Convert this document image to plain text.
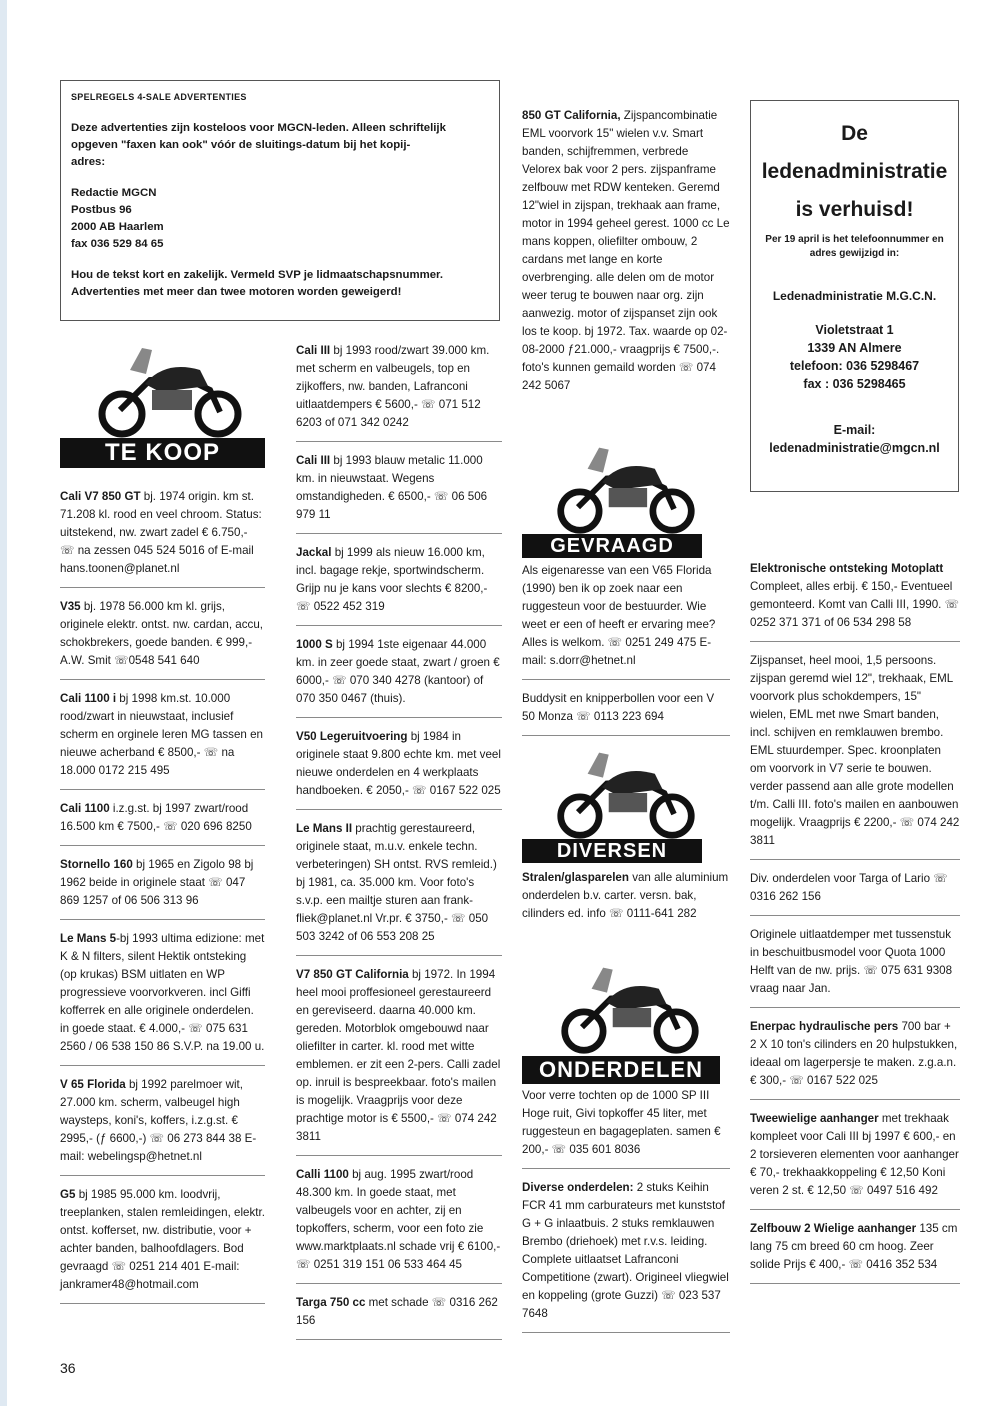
SPELREGELS 4-SALE ADVERTENTIES

Deze advertenties zijn kosteloos voor MGCN-leden. Alleen schriftelijk
opgeven "faxen kan ook" vóór de sluitings-datum bij het kopij-
adres:

Redactie MGCN
Postbus 96
2000 AB Haarlem
fax 036 529 84 65

Hou de tekst kort en zakelijk. Vermeld SVP je lidmaatschapsnummer.
Advertenties met meer dan twee motoren worden geweigerd!

De
ledenadministratie
is verhuisd!
Per 19 april is het telefoonnummer en adres gewijzigd in:
Ledenadministratie M.G.C.N.
Violetstraat 1
1339 AN Almere
telefoon: 036 5298467
fax : 036 5298465
E-mail:
ledenadministratie@mgcn.nl
TE KOOP
GEVRAAGD
DIVERSEN
ONDERDELEN
Cali V7 850 GT bj. 1974 origin. km st. 71.208 kl. rood en veel chroom. Status: uitstekend, nw. zwart zadel € 6.750,- ☏ na zessen 045 524 5016 of E-mail hans.toonen@planet.nl
V35 bj. 1978 56.000 km kl. grijs, originele elektr. ontst. nw. cardan, accu, schokbrekers, goede banden. € 999,- A.W. Smit ☏0548 541 640
Cali 1100 i bj 1998 km.st. 10.000 rood/zwart in nieuwstaat, inclusief scherm en orginele leren MG tassen en nieuwe acherband € 8500,- ☏ na 18.000 0172 215 495
Cali 1100 i.z.g.st. bj 1997 zwart/rood 16.500 km € 7500,- ☏ 020 696 8250
Stornello 160 bj 1965 en Zigolo 98 bj 1962 beide in originele staat ☏ 047 869 1257 of 06 506 313 96
Le Mans 5-bj 1993 ultima edizione: met K & N filters, silent Hektik ontsteking (op krukas) BSM uitlaten en WP progressieve voorvorkveren. incl Giffi kofferrek en alle originele onderdelen. in goede staat. € 4.000,- ☏ 075 631 2560 / 06 538 150 86 S.V.P. na 19.00 u.
V 65 Florida bj 1992 parelmoer wit, 27.000 km. scherm, valbeugel high waysteps, koni's, koffers, i.z.g.st. € 2995,- (ƒ 6600,-) ☏ 06 273 844 38 E-mail: webelingsp@hetnet.nl
G5 bj 1985 95.000 km. loodvrij, treeplanken, stalen remleidingen, elektr. ontst. kofferset, nw. distributie, voor + achter banden, balhoofdlagers. Bod gevraagd ☏ 0251 214 401 E-mail: jankramer48@hotmail.com
Cali III bj 1993 rood/zwart 39.000 km. met scherm en valbeugels, top en zijkoffers, nw. banden, Lafranconi uitlaatdempers € 5600,- ☏ 071 512 6203 of 071 342 0242
Cali III bj 1993 blauw metalic 11.000 km. in nieuwstaat. Wegens omstandigheden. € 6500,- ☏ 06 506 979 11
Jackal bj 1999 als nieuw 16.000 km, incl. bagage rekje, sportwindscherm. Grijp nu je kans voor slechts € 8200,- ☏ 0522 452 319
1000 S bj 1994 1ste eigenaar 44.000 km. in zeer goede staat, zwart / groen € 6000,- ☏ 070 340 4278 (kantoor) of 070 350 0467 (thuis).
V50 Legeruitvoering bj 1984 in originele staat 9.800 echte km. met veel nieuwe onderdelen en 4 werkplaats handboeken. € 2050,- ☏ 0167 522 025
Le Mans II prachtig gerestaureerd, originele staat, m.u.v. enkele techn. verbeteringen) SH ontst. RVS remleid.) bj 1981, ca. 35.000 km. Voor foto's s.v.p. een mailtje sturen aan frank-fliek@planet.nl Vr.pr. € 3750,- ☏ 050 503 3242 of 06 553 208 25
V7 850 GT California bj 1972. In 1994 heel mooi proffesioneel gerestaureerd en gereviseerd. daarna 40.000 km. gereden. Motorblok omgebouwd naar oliefilter in carter. kl. rood met witte emblemen. er zit een 2-pers. Calli zadel op. inruil is bespreekbaar. foto's mailen is mogelijk. Vraagprijs voor deze prachtige motor is € 5500,- ☏ 074 242 3811
Calli 1100 bj aug. 1995 zwart/rood 48.300 km. In goede staat, met valbeugels voor en achter, zij en topkoffers, scherm, voor een foto zie www.marktplaats.nl schade vrij € 6100,- ☏ 0251 319 151 06 533 464 45
Targa 750 cc met schade ☏ 0316 262 156
850 GT California, Zijspancombinatie EML voorvork 15" wielen v.v. Smart banden, schijfremmen, verbrede Velorex bak voor 2 pers. zijspanframe zelfbouw met RDW kenteken. Geremd 12"wiel in zijspan, trekhaak aan frame, motor in 1994 geheel gerest. 1000 cc Le mans koppen, oliefilter ombouw, 2 cardans met lange en korte overbrenging. alle delen om de motor weer terug te bouwen naar org. zijn aanwezig. motor of zijspanset zijn ook los te koop. bj 1972. Tax. waarde op 02-08-2000 ƒ21.000,- vraagprijs € 7500,-. foto's kunnen gemaild worden ☏ 074 242 5067
Als eigenaresse van een V65 Florida (1990) ben ik op zoek naar een ruggesteun voor de bestuurder. Wie weet er een of heeft er ervaring mee? Alles is welkom. ☏ 0251 249 475 E-mail: s.dorr@hetnet.nl
Buddysit en knipperbollen voor een V 50 Monza ☏ 0113 223 694
Stralen/glasparelen van alle aluminium onderdelen b.v. carter. versn. bak, cilinders ed. info ☏ 0111-641 282
Voor verre tochten op de 1000 SP III Hoge ruit, Givi topkoffer 45 liter, met ruggesteun en bagageplaten. samen € 200,- ☏ 035 601 8036
Diverse onderdelen: 2 stuks Keihin FCR 41 mm carburateurs met kunststof G + G inlaatbuis. 2 stuks remklauwen Brembo (driehoek) met r.v.s. leiding. Complete uitlaatset Lafranconi Competitione (zwart). Origineel vliegwiel en koppeling (grote Guzzi) ☏ 023 537 7648
Elektronische ontsteking Motoplatt Compleet, alles erbij. € 150,- Eventueel gemonteerd. Komt van Calli III, 1990. ☏ 0252 371 371 of 06 534 298 58
Zijspanset, heel mooi, 1,5 persoons. zijspan geremd wiel 12", trekhaak, EML voorvork plus schokdempers, 15" wielen, EML met nwe Smart banden, incl. schijven en remklauwen brembo. EML stuurdemper. Spec. kroonplaten om voorvork in V7 serie te bouwen. verder passend aan alle grote modellen t/m. Calli III. foto's mailen en aanbouwen mogelijk. Vraagprijs € 2200,- ☏ 074 242 3811
Div. onderdelen voor Targa of Lario ☏ 0316 262 156
Originele uitlaatdemper met tussenstuk in beschuitbusmodel voor Quota 1000 Helft van de nw. prijs. ☏ 075 631 9308 vraag naar Jan.
Enerpac hydraulische pers 700 bar + 2 X 10 ton's cilinders en 20 hulpstukken, ideaal om lagerpersje te maken. z.g.a.n. € 300,- ☏ 0167 522 025
Tweewielige aanhanger met trekhaak kompleet voor Cali III bj 1997 € 600,- en 2 torsieveren elementen voor aanhanger € 70,- trekhaakkoppeling € 12,50 Koni veren 2 st. € 12,50 ☏ 0497 516 492
Zelfbouw 2 Wielige aanhanger 135 cm lang 75 cm breed 60 cm hoog. Zeer solide Prijs € 400,- ☏ 0416 352 534
36
